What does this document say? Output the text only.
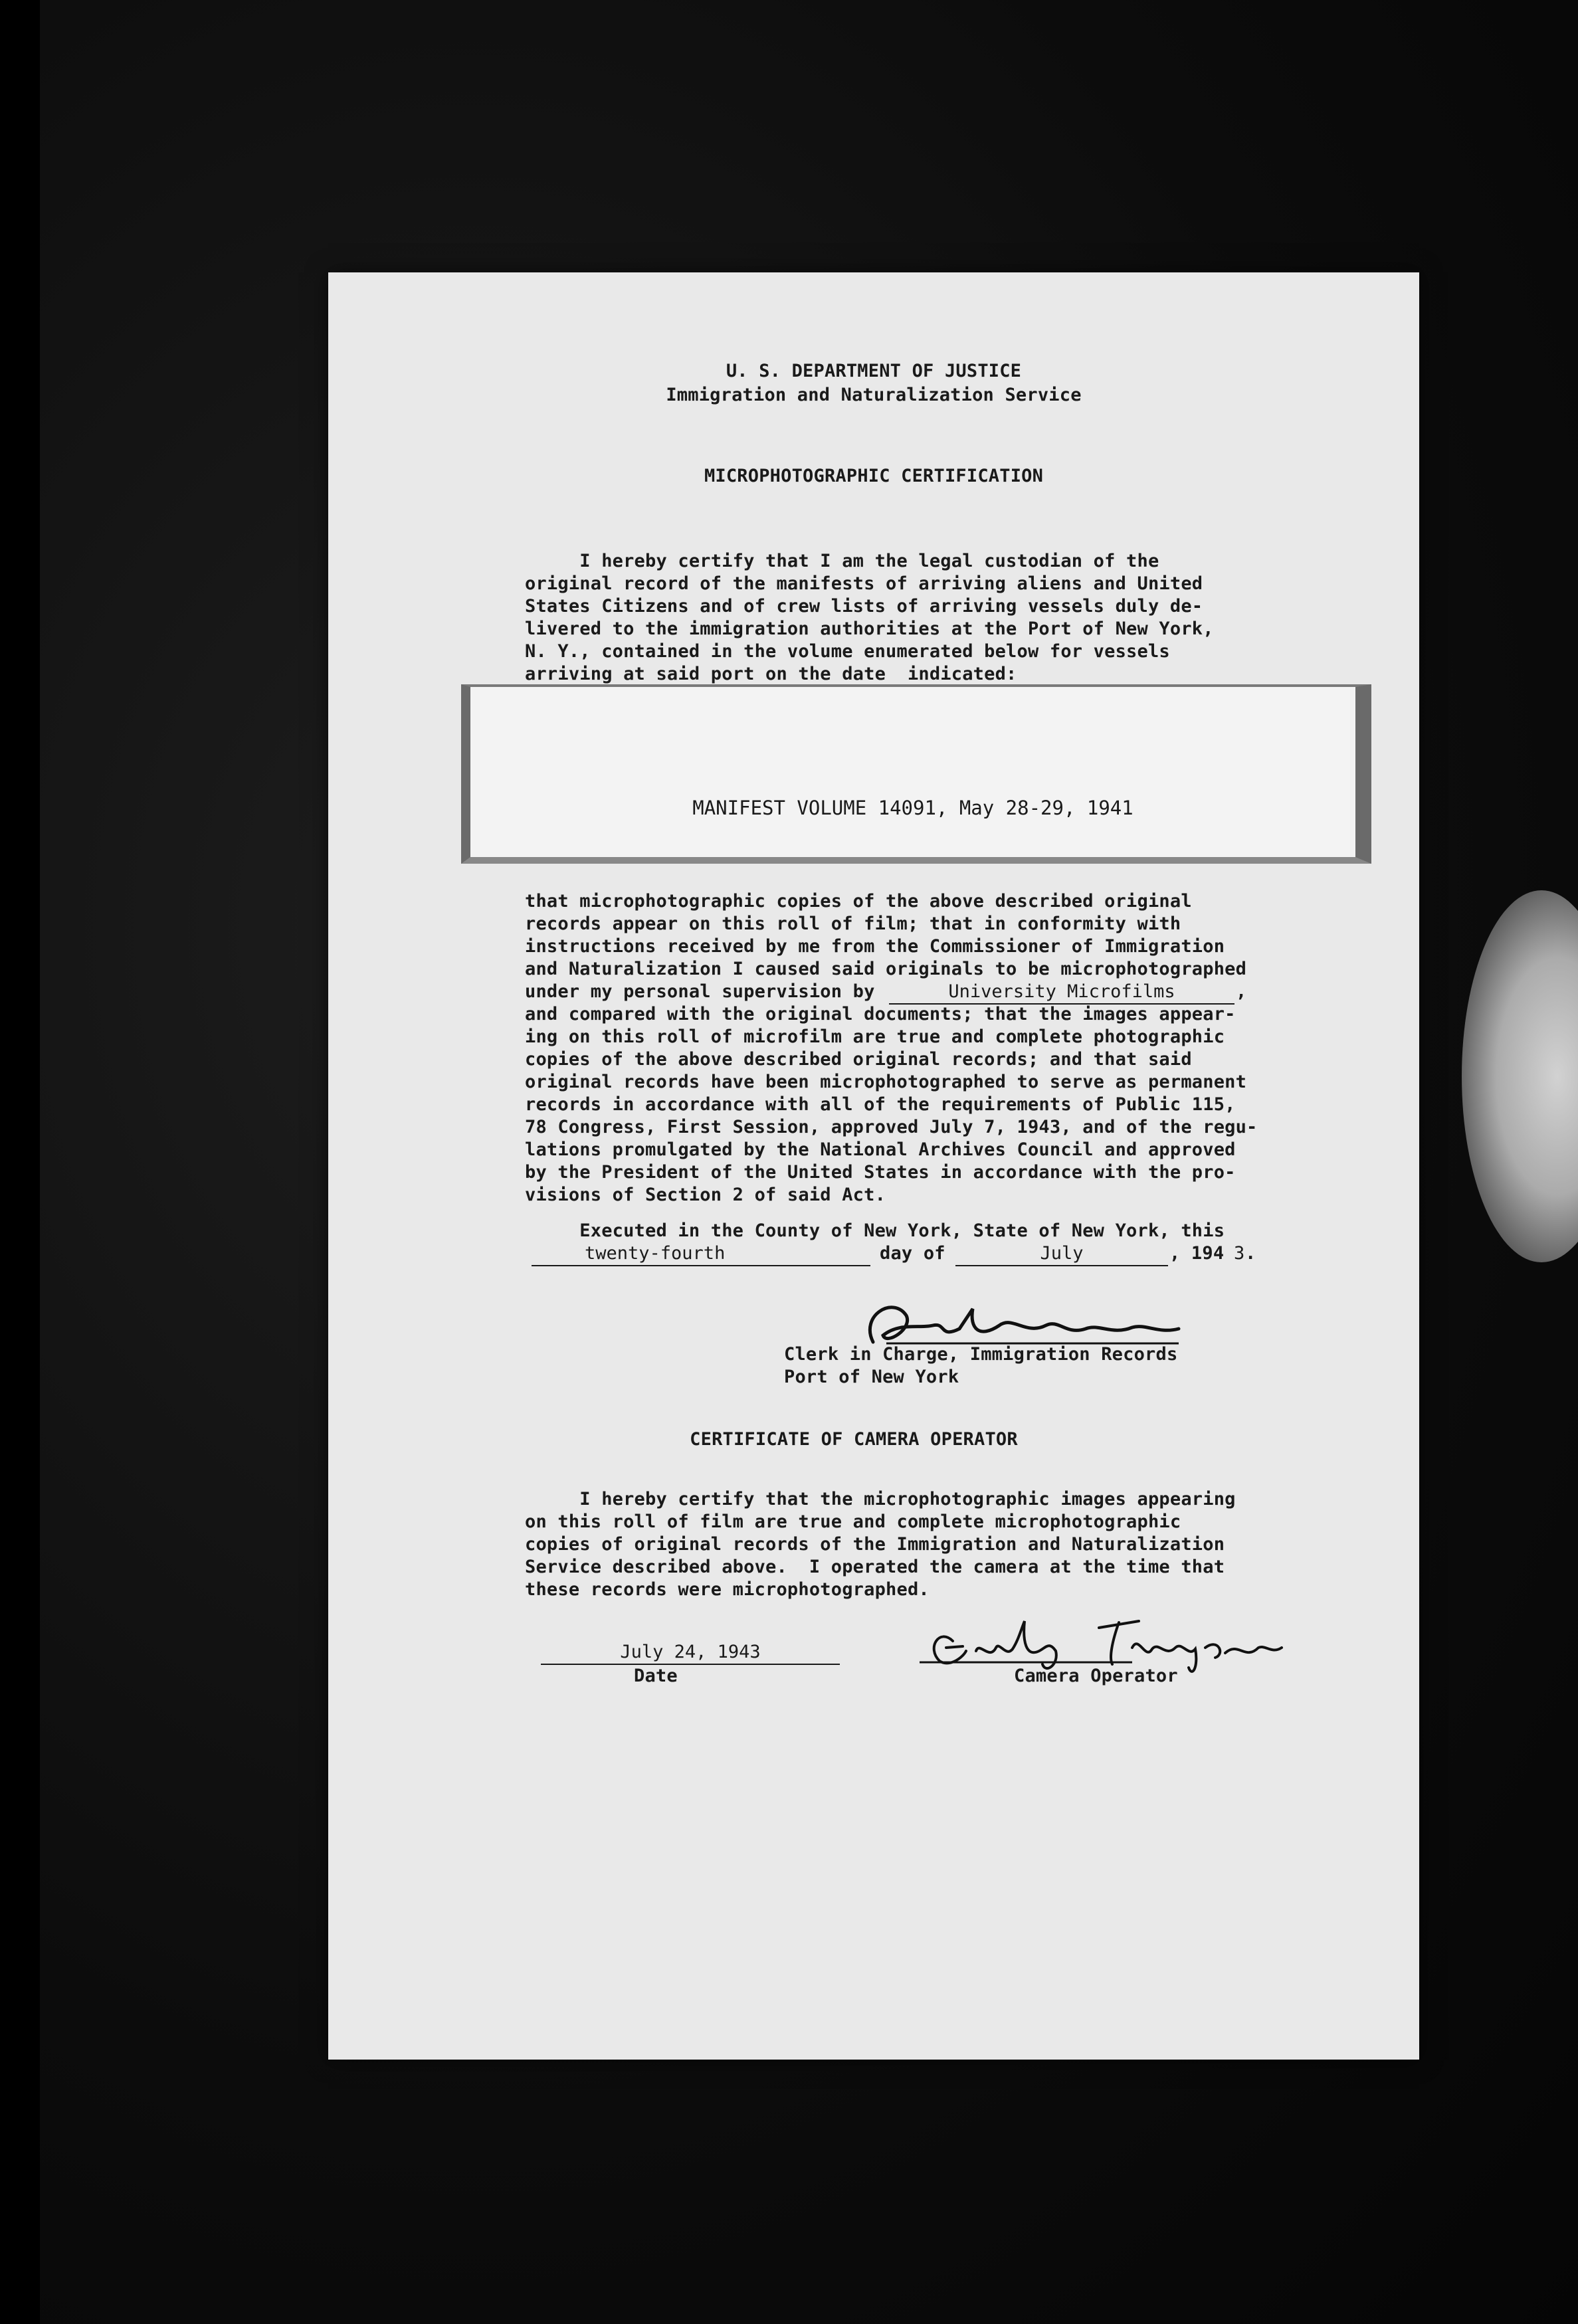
U. S. DEPARTMENT OF JUSTICE
Immigration and Naturalization Service
MICROPHOTOGRAPHIC CERTIFICATION
I hereby certify that I am the legal custodian of the
original record of the manifests of arriving aliens and United
States Citizens and of crew lists of arriving vessels duly de-
livered to the immigration authorities at the Port of New York,
N. Y., contained in the volume enumerated below for vessels
arriving at said port on the date  indicated:
MANIFEST VOLUME 14091, May 28-29, 1941
that microphotographic copies of the above described original
records appear on this roll of film; that in conformity with
instructions received by me from the Commissioner of Immigration
and Naturalization I caused said originals to be microphotographed
under my personal supervision by	University Microfilms	,
and compared with the original documents; that the images appear-
ing on this roll of microfilm are true and complete photographic
copies of the above described original records; and that said
original records have been microphotographed to serve as permanent
records in accordance with all of the requirements of Public 115,
78 Congress, First Session, approved July 7, 1943, and of the regu-
lations promulgated by the National Archives Council and approved
by the President of the United States in accordance with the pro-
visions of Section 2 of said Act.
Executed in the County of New York, State of New York, this
twenty-fourth	day of	July	, 194 3 .
Clerk in Charge, Immigration Records
Port of New York
CERTIFICATE OF CAMERA OPERATOR
I hereby certify that the microphotographic images appearing
on this roll of film are true and complete microphotographic
copies of original records of the Immigration and Naturalization
Service described above.  I operated the camera at the time that
these records were microphotographed.
July 24, 1943
Date	Camera Operator
